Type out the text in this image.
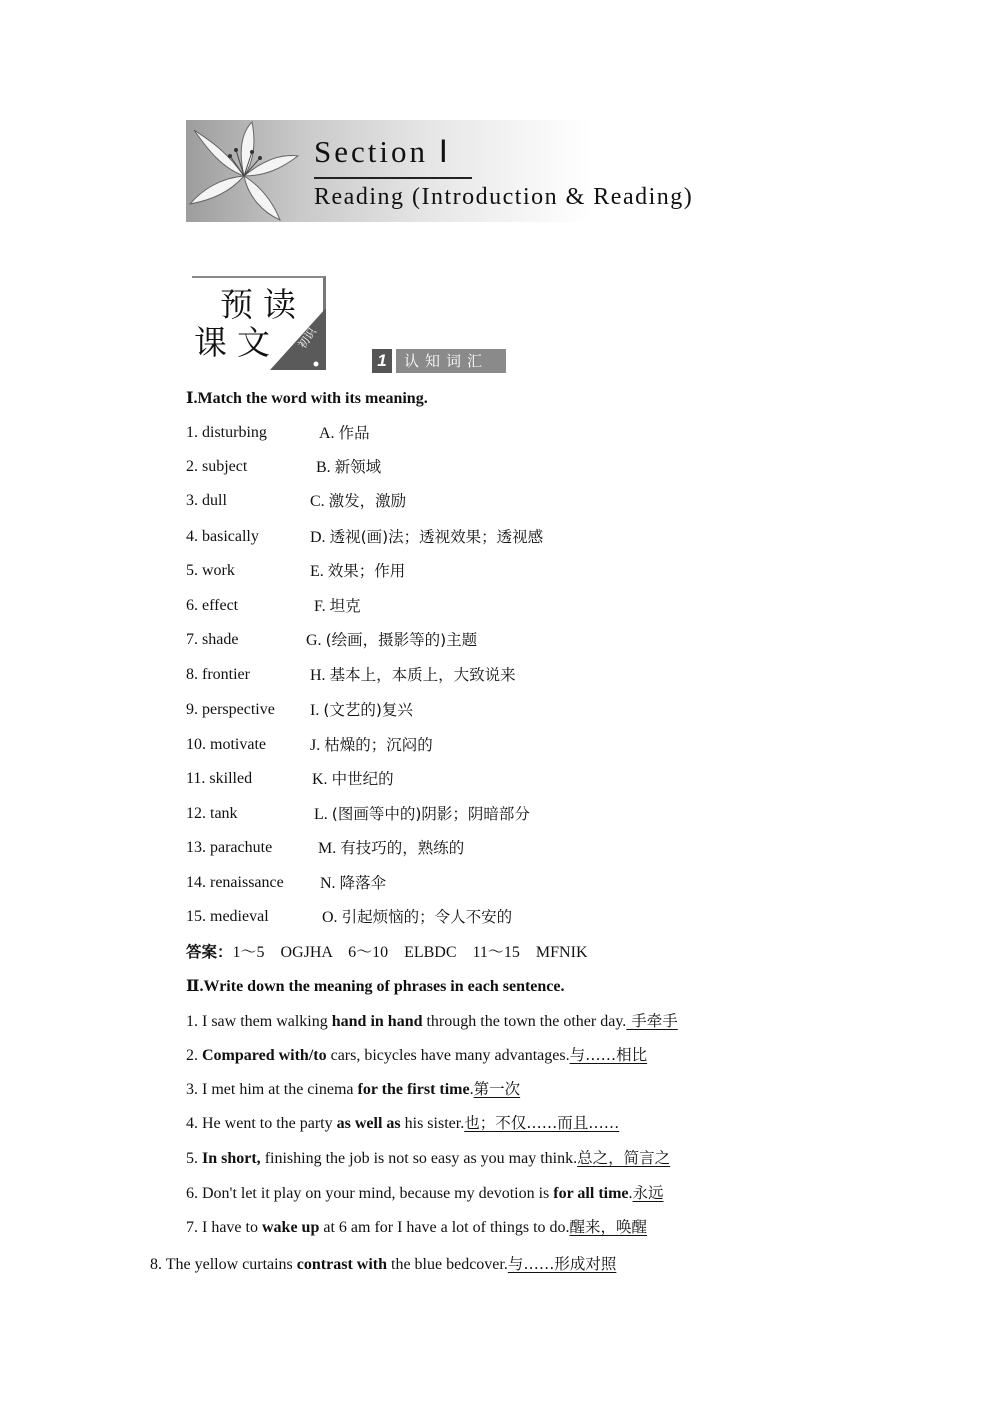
Section Ⅰ
Reading (Introduction & Reading)
预读
课文 初识
1	认知词汇
Ⅰ.Match the word with its meaning.
1. disturbing	A. 作品
2. subject	B. 新领域
3. dull	C. 激发，激励
4. basically	D. 透视(画)法；透视效果；透视感
5. work	E. 效果；作用
6. effect	F. 坦克
7. shade	G. (绘画，摄影等的)主题
8. frontier	H. 基本上，本质上，大致说来
9. perspective I. (文艺的)复兴
10. motivate	J. 枯燥的；沉闷的
11. skilled	K. 中世纪的
12. tank	L. (图画等中的)阴影；阴暗部分
13. parachute	M. 有技巧的，熟练的
14. renaissance N. 降落伞
15. medieval	O. 引起烦恼的；令人不安的
答案：1～5　OGJHA　6～10　ELBDC　11～15　MFNIK
Ⅱ.Write down the meaning of phrases in each sentence.
1. I saw them walking hand in hand through the town the other day. 手牵手
2. Compared with/to cars, bicycles have many advantages.与……相比
3. I met him at the cinema for the first time.第一次
4. He went to the party as well as his sister.也；不仅……而且……
5. In short, finishing the job is not so easy as you may think.总之，简言之
6. Don't let it play on your mind, because my devotion is for all time.永远
7. I have to wake up at 6 am for I have a lot of things to do.醒来，唤醒
8. The yellow curtains contrast with the blue bedcover.与……形成对照
